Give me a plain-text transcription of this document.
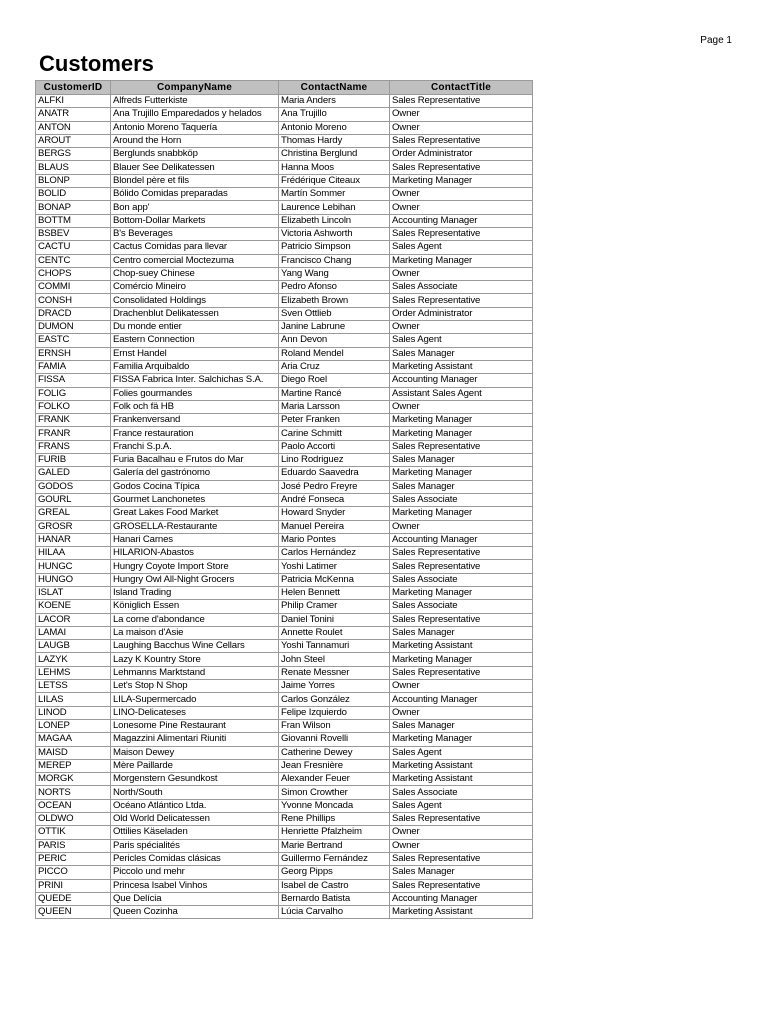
Page 1
Customers
CustomerID	CompanyName	ContactName	ContactTitle
ALFKI	Alfreds Futterkiste	Maria Anders	Sales Representative
ANATR	Ana Trujillo Emparedados y helados	Ana Trujillo	Owner
ANTON	Antonio Moreno Taquería	Antonio Moreno	Owner
AROUT	Around the Horn	Thomas Hardy	Sales Representative
BERGS	Berglunds snabbköp	Christina Berglund	Order Administrator
BLAUS	Blauer See Delikatessen	Hanna Moos	Sales Representative
BLONP	Blondel père et fils	Frédérique Citeaux	Marketing Manager
BOLID	Bólido Comidas preparadas	Martín Sommer	Owner
BONAP	Bon app'	Laurence Lebihan	Owner
BOTTM	Bottom-Dollar Markets	Elizabeth Lincoln	Accounting Manager
BSBEV	B's Beverages	Victoria Ashworth	Sales Representative
CACTU	Cactus Comidas para llevar	Patricio Simpson	Sales Agent
CENTC	Centro comercial Moctezuma	Francisco Chang	Marketing Manager
CHOPS	Chop-suey Chinese	Yang Wang	Owner
COMMI	Comércio Mineiro	Pedro Afonso	Sales Associate
CONSH	Consolidated Holdings	Elizabeth Brown	Sales Representative
DRACD	Drachenblut Delikatessen	Sven Ottlieb	Order Administrator
DUMON	Du monde entier	Janine Labrune	Owner
EASTC	Eastern Connection	Ann Devon	Sales Agent
ERNSH	Ernst Handel	Roland Mendel	Sales Manager
FAMIA	Familia Arquibaldo	Aria Cruz	Marketing Assistant
FISSA	FISSA Fabrica Inter. Salchichas S.A.	Diego Roel	Accounting Manager
FOLIG	Folies gourmandes	Martine Rancé	Assistant Sales Agent
FOLKO	Folk och fä HB	Maria Larsson	Owner
FRANK	Frankenversand	Peter Franken	Marketing Manager
FRANR	France restauration	Carine Schmitt	Marketing Manager
FRANS	Franchi S.p.A.	Paolo Accorti	Sales Representative
FURIB	Furia Bacalhau e Frutos do Mar	Lino Rodriguez	Sales Manager
GALED	Galería del gastrónomo	Eduardo Saavedra	Marketing Manager
GODOS	Godos Cocina Típica	José Pedro Freyre	Sales Manager
GOURL	Gourmet Lanchonetes	André Fonseca	Sales Associate
GREAL	Great Lakes Food Market	Howard Snyder	Marketing Manager
GROSR	GROSELLA-Restaurante	Manuel Pereira	Owner
HANAR	Hanari Carnes	Mario Pontes	Accounting Manager
HILAA	HILARION-Abastos	Carlos Hernández	Sales Representative
HUNGC	Hungry Coyote Import Store	Yoshi Latimer	Sales Representative
HUNGO	Hungry Owl All-Night Grocers	Patricia McKenna	Sales Associate
ISLAT	Island Trading	Helen Bennett	Marketing Manager
KOENE	Königlich Essen	Philip Cramer	Sales Associate
LACOR	La corne d'abondance	Daniel Tonini	Sales Representative
LAMAI	La maison d'Asie	Annette Roulet	Sales Manager
LAUGB	Laughing Bacchus Wine Cellars	Yoshi Tannamuri	Marketing Assistant
LAZYK	Lazy K Kountry Store	John Steel	Marketing Manager
LEHMS	Lehmanns Marktstand	Renate Messner	Sales Representative
LETSS	Let's Stop N Shop	Jaime Yorres	Owner
LILAS	LILA-Supermercado	Carlos González	Accounting Manager
LINOD	LINO-Delicateses	Felipe Izquierdo	Owner
LONEP	Lonesome Pine Restaurant	Fran Wilson	Sales Manager
MAGAA	Magazzini Alimentari Riuniti	Giovanni Rovelli	Marketing Manager
MAISD	Maison Dewey	Catherine Dewey	Sales Agent
MEREP	Mère Paillarde	Jean Fresnière	Marketing Assistant
MORGK	Morgenstern Gesundkost	Alexander Feuer	Marketing Assistant
NORTS	North/South	Simon Crowther	Sales Associate
OCEAN	Océano Atlántico Ltda.	Yvonne Moncada	Sales Agent
OLDWO	Old World Delicatessen	Rene Phillips	Sales Representative
OTTIK	Ottilies Käseladen	Henriette Pfalzheim	Owner
PARIS	Paris spécialités	Marie Bertrand	Owner
PERIC	Pericles Comidas clásicas	Guillermo Fernández	Sales Representative
PICCO	Piccolo und mehr	Georg Pipps	Sales Manager
PRINI	Princesa Isabel Vinhos	Isabel de Castro	Sales Representative
QUEDE	Que Delícia	Bernardo Batista	Accounting Manager
QUEEN	Queen Cozinha	Lúcia Carvalho	Marketing Assistant
